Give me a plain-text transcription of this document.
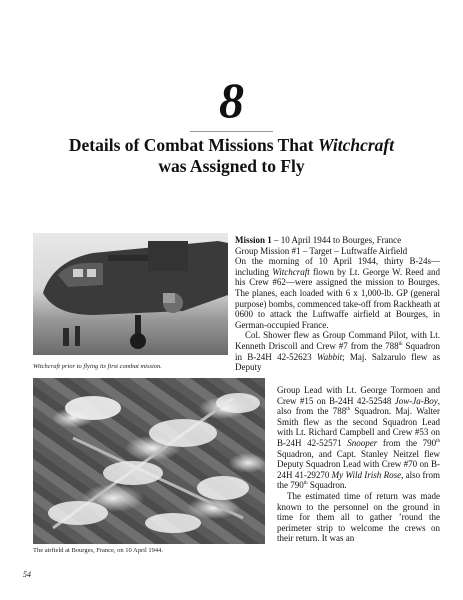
8
Details of Combat Missions That Witchcraft
was Assigned to Fly
Witchcraft prior to flying its first combat mission.
The airfield at Bourges, France, on 10 April 1944.

Mission 1 – 10 April 1944 to Bourges, France

Group Mission #1 – Target – Luftwaffe Airfield

On the morning of 10 April 1944, thirty B-24s—including Witchcraft flown by Lt. George W. Reed and his Crew #62—were assigned the mission to Bourges. The planes, each loaded with 6 x 1,000-lb. GP (general purpose) bombs, commenced take-off from Rackheath at 0600 to attack the Luftwaffe airfield at Bourges, in German-occupied France.

Col. Shower flew as Group Command Pilot, with Lt. Kenneth Driscoll and Crew #7 from the 788th Squadron in B-24H 42-52623 Wabbit; Maj. Salzarulo flew as Deputy

Group Lead with Lt. George Tormoen and Crew #15 on B-24H 42-52548 Jow-Ja-Boy, also from the 788th Squadron. Maj. Walter Smith flew as the second Squadron Lead with Lt. Richard Campbell and Crew #53 on B-24H 42-52571 Snooper from the 790th Squadron, and Capt. Stanley Neitzel flew Deputy Squadron Lead with Crew #70 on B-24H 41-29270 My Wild Irish Rose, also from the 790th Squadron.

The estimated time of return was made known to the personnel on the ground in time for them all to gather ’round the perimeter strip to welcome the crews on their return. It was an

54
